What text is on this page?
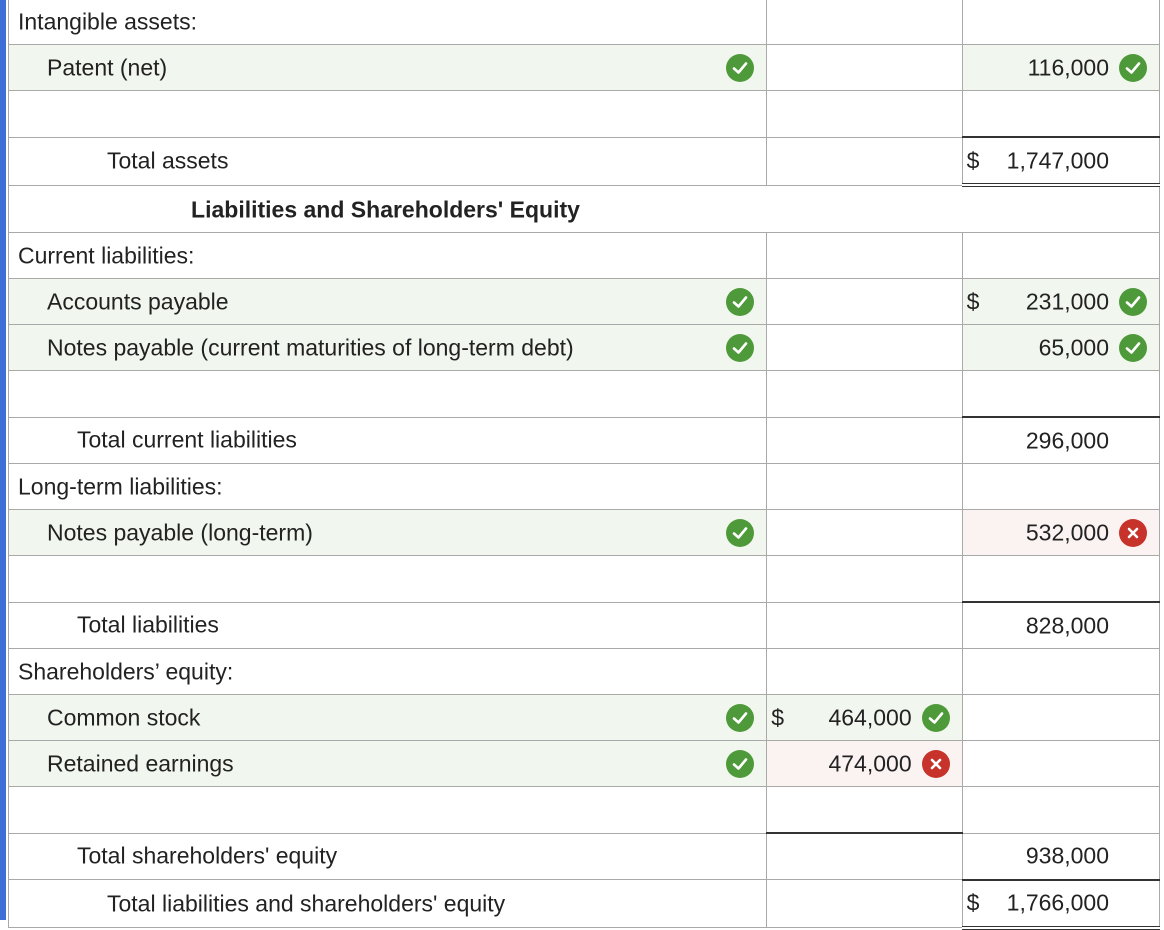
Intangible assets:		

Patent (net)		116,000

Total assets		$ 1,747,000

Liabilities and Shareholders' Equity		

Current liabilities:		

Accounts payable		$ 231,000

Notes payable (current maturities of long-term debt)		65,000

Total current liabilities		296,000

Long-term liabilities:		

Notes payable (long-term)		532,000

Total liabilities		828,000

Shareholders’ equity:		

Common stock	$ 464,000	

Retained earnings	474,000	

Total shareholders' equity		938,000

Total liabilities and shareholders' equity		$ 1,766,000
